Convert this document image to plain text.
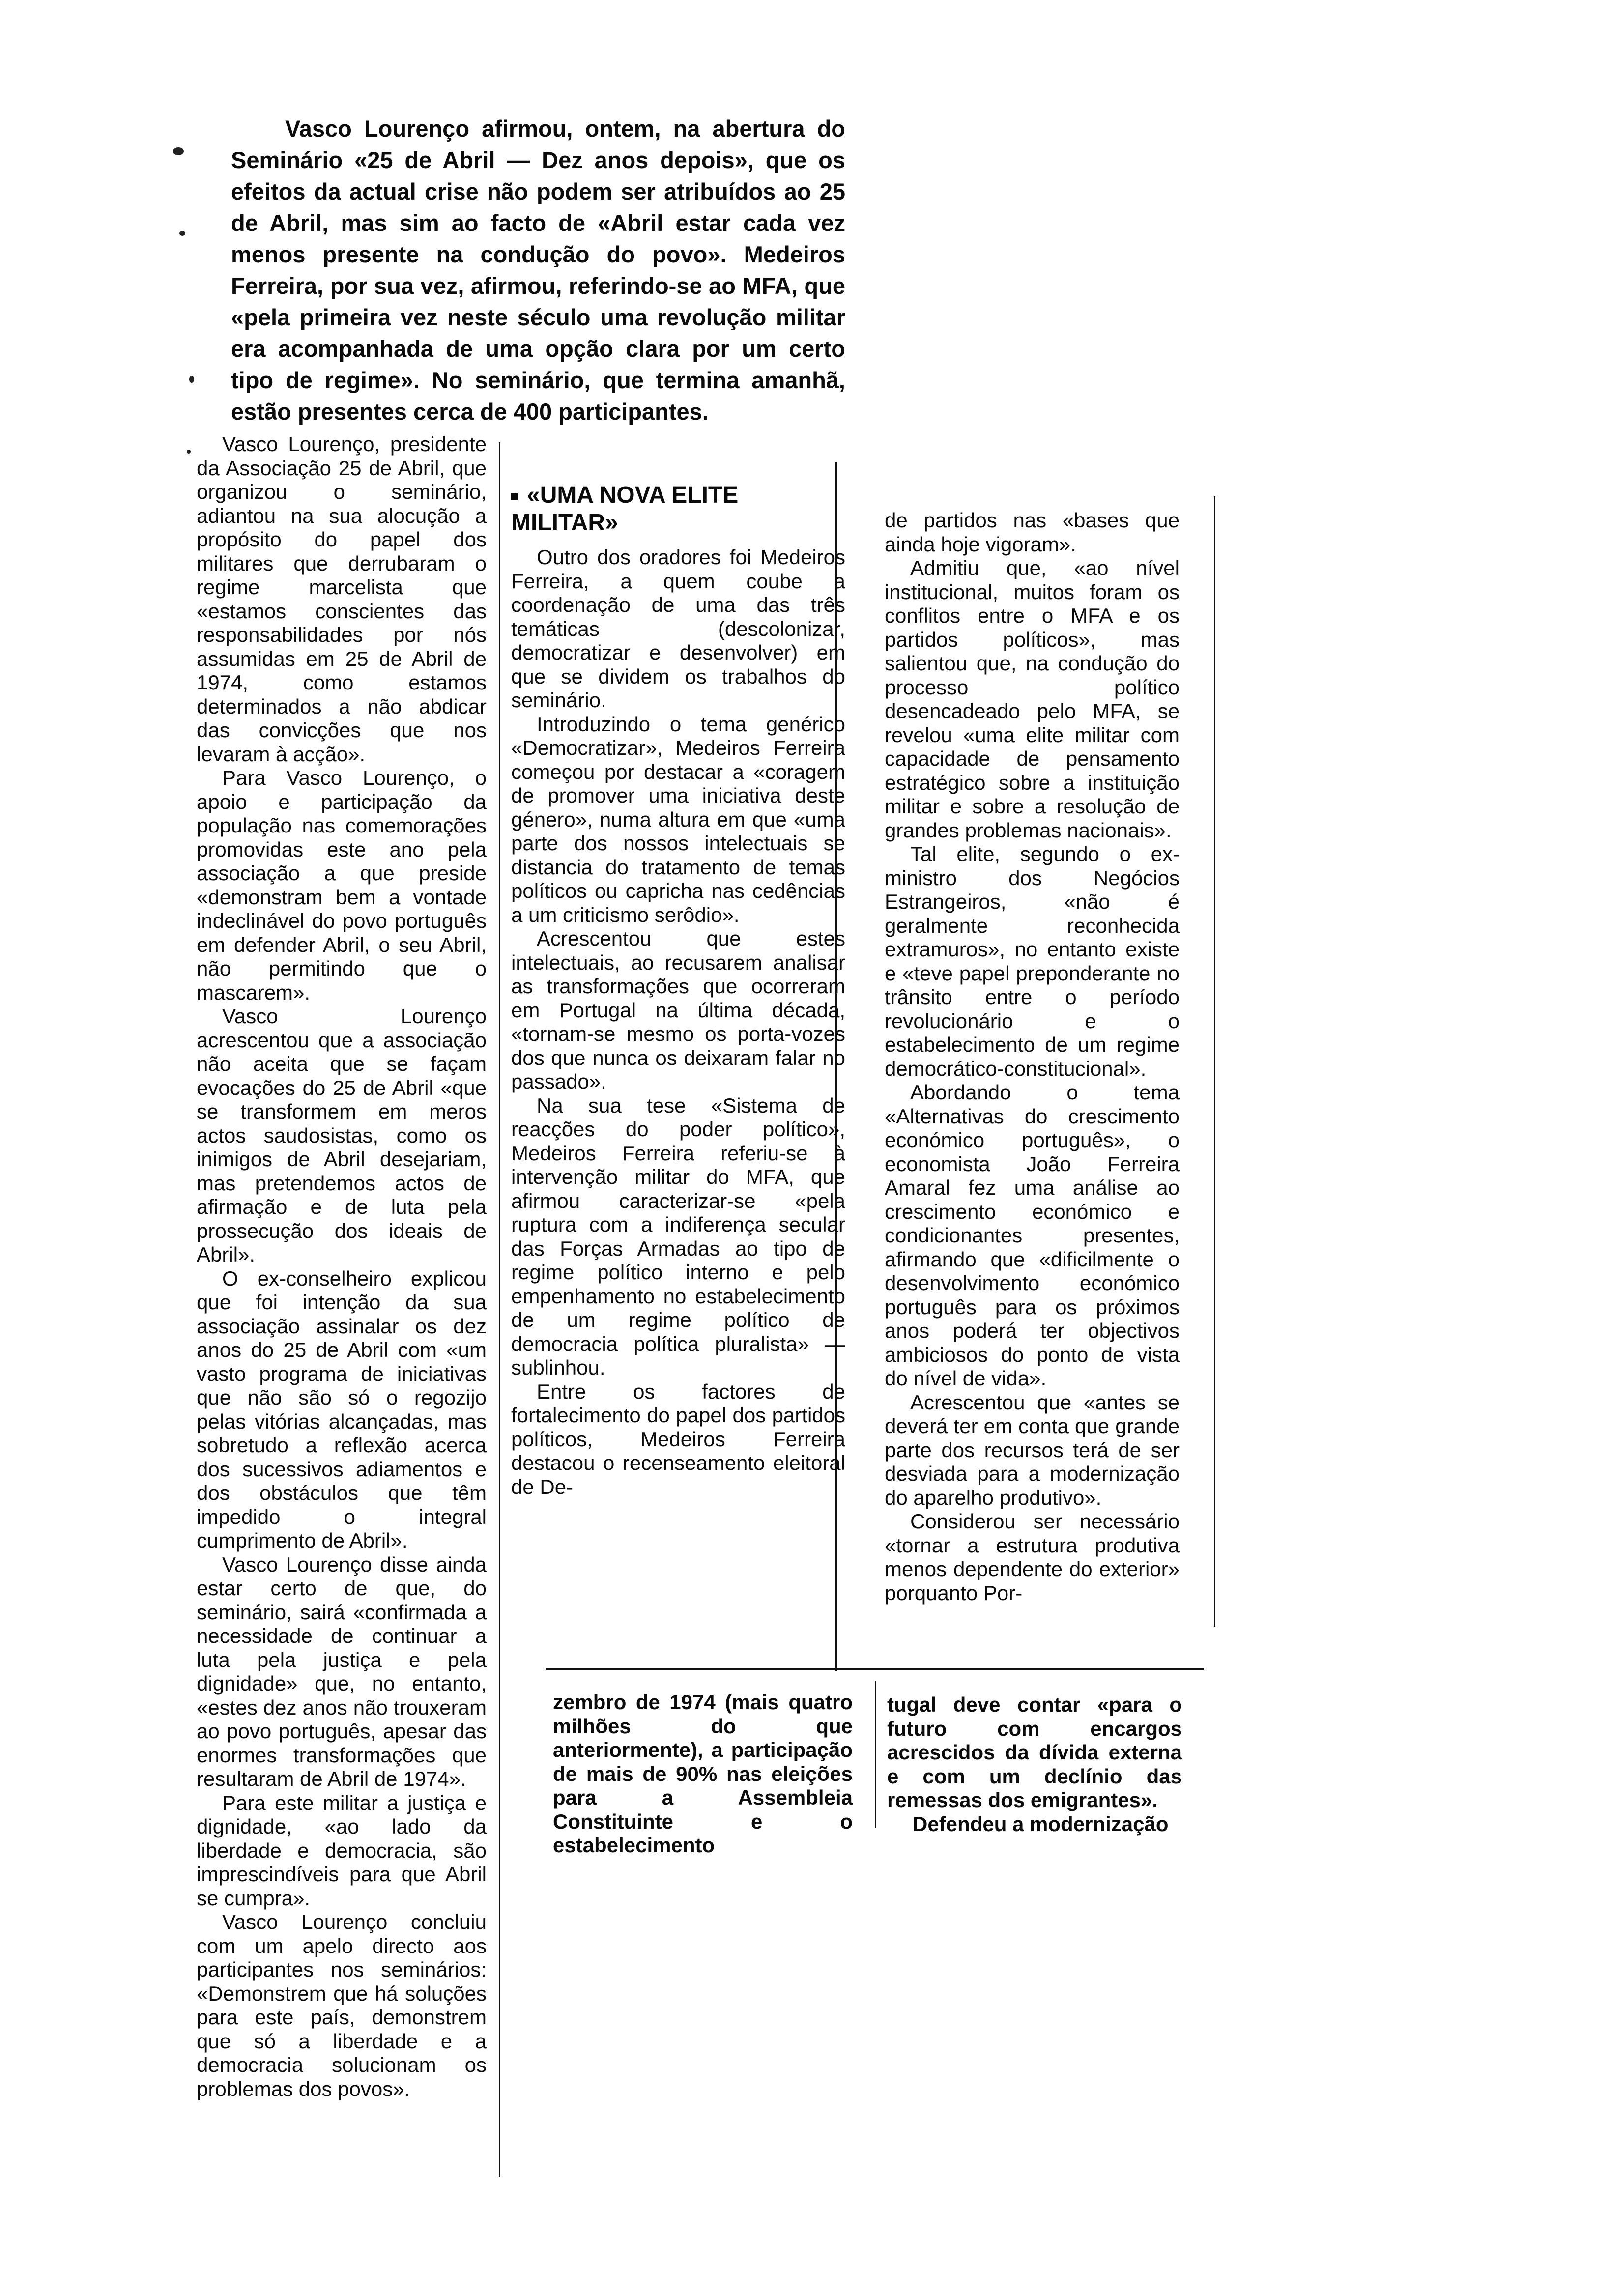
Vasco Lourenço afirmou, ontem, na abertura do Seminário «25 de Abril — Dez anos depois», que os efeitos da actual crise não podem ser atribuídos ao 25 de Abril, mas sim ao facto de «Abril estar cada vez menos presente na condução do povo». Medeiros Ferreira, por sua vez, afirmou, referindo-se ao MFA, que «pela primeira vez neste século uma revolução militar era acompanhada de uma opção clara por um certo tipo de regime». No seminário, que termina amanhã, estão presentes cerca de 400 participantes.

Vasco Lourenço, presidente da Associação 25 de Abril, que organizou o seminário, adiantou na sua alocução a propósito do papel dos militares que derrubaram o regime marcelista que «estamos conscientes das responsabilidades por nós assumidas em 25 de Abril de 1974, como estamos determinados a não abdicar das convicções que nos levaram à acção».

Para Vasco Lourenço, o apoio e participação da população nas comemorações promovidas este ano pela associação a que preside «demonstram bem a vontade indeclinável do povo português em defender Abril, o seu Abril, não permitindo que o mascarem».

Vasco Lourenço acrescentou que a associação não aceita que se façam evocações do 25 de Abril «que se transformem em meros actos saudosistas, como os inimigos de Abril desejariam, mas pretendemos actos de afirmação e de luta pela prossecução dos ideais de Abril».

O ex-conselheiro explicou que foi intenção da sua associação assinalar os dez anos do 25 de Abril com «um vasto programa de iniciativas que não são só o regozijo pelas vitórias alcançadas, mas sobretudo a reflexão acerca dos sucessivos adiamentos e dos obstáculos que têm impedido o integral cumprimento de Abril».

Vasco Lourenço disse ainda estar certo de que, do seminário, sairá «confirmada a necessidade de continuar a luta pela justiça e pela dignidade» que, no entanto, «estes dez anos não trouxeram ao povo português, apesar das enormes transformações que resultaram de Abril de 1974».

Para este militar a justiça e dignidade, «ao lado da liberdade e democracia, são imprescindíveis para que Abril se cumpra».

Vasco Lourenço concluiu com um apelo directo aos participantes nos seminários: «Demonstrem que há soluções para este país, demonstrem que só a liberdade e a democracia solucionam os problemas dos povos».

«UMA NOVA ELITE MILITAR»

Outro dos oradores foi Medeiros Ferreira, a quem coube a coordenação de uma das três temáticas (descolonizar, democratizar e desenvolver) em que se dividem os trabalhos do seminário.

Introduzindo o tema genérico «Democratizar», Medeiros Ferreira começou por destacar a «coragem de promover uma iniciativa deste género», numa altura em que «uma parte dos nossos intelectuais se distancia do tratamento de temas políticos ou capricha nas cedências a um criticismo serôdio».

Acrescentou que estes intelectuais, ao recusarem analisar as transformações que ocorreram em Portugal na última década, «tornam-se mesmo os porta-vozes dos que nunca os deixaram falar no passado».

Na sua tese «Sistema de reacções do poder político», Medeiros Ferreira referiu-se à intervenção militar do MFA, que afirmou caracterizar-se «pela ruptura com a indiferença secular das Forças Armadas ao tipo de regime político interno e pelo empenhamento no estabelecimento de um regime político de democracia política pluralista» — sublinhou.

Entre os factores de fortalecimento do papel dos partidos políticos, Medeiros Ferreira destacou o recenseamento eleitoral de De-

zembro de 1974 (mais quatro milhões do que anteriormente), a participação de mais de 90% nas eleições para a Assembleia Constituinte e o estabelecimento

de partidos nas «bases que ainda hoje vigoram».

Admitiu que, «ao nível institucional, muitos foram os conflitos entre o MFA e os partidos políticos», mas salientou que, na condução do processo político desencadeado pelo MFA, se revelou «uma elite militar com capacidade de pensamento estratégico sobre a instituição militar e sobre a resolução de grandes problemas nacionais».

Tal elite, segundo o ex-ministro dos Negócios Estrangeiros, «não é geralmente reconhecida extramuros», no entanto existe e «teve papel preponderante no trânsito entre o período revolucionário e o estabelecimento de um regime democrático-constitucional».

Abordando o tema «Alternativas do crescimento económico português», o economista João Ferreira Amaral fez uma análise ao crescimento económico e condicionantes presentes, afirmando que «dificilmente o desenvolvimento económico português para os próximos anos poderá ter objectivos ambiciosos do ponto de vista do nível de vida».

Acrescentou que «antes se deverá ter em conta que grande parte dos recursos terá de ser desviada para a modernização do aparelho produtivo».

Considerou ser necessário «tornar a estrutura produtiva menos dependente do exterior» porquanto Por-

tugal deve contar «para o futuro com encargos acrescidos da dívida externa e com um declínio das remessas dos emigrantes».

Defendeu a modernização
